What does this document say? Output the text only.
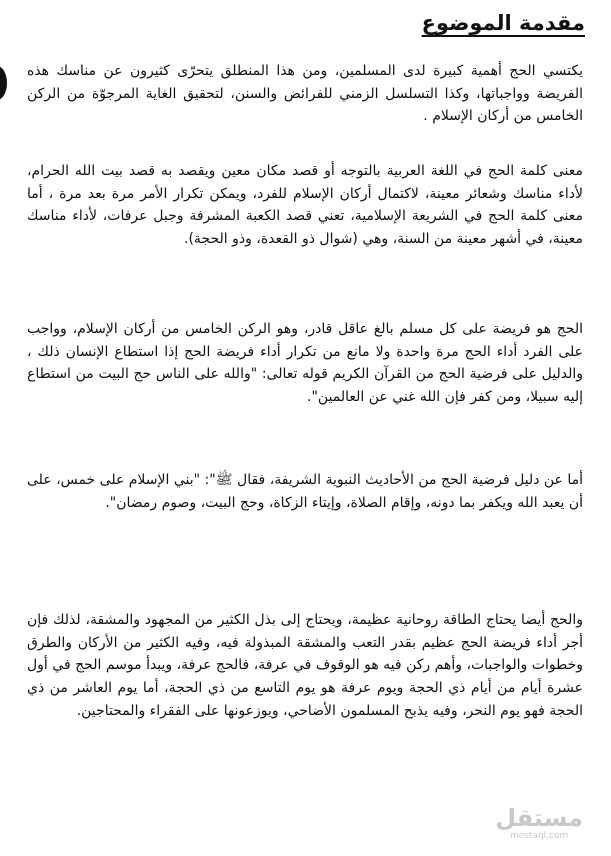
مقدمة الموضوع

يكتسي الحج أهمية كبيرة لدى المسلمين، ومن هذا المنطلق يتحرّى كثيرون عن مناسك هذه الفريضة وواجباتها، وكذا التسلسل الزمني للفرائض والسنن، لتحقيق الغاية المرجوّة من الركن الخامس من أركان الإسلام .

معنى كلمة الحج في اللغة العربية بالتوجه أو قصد مكان معين ويقصد به قصد بيت الله الحرام، لأداء مناسك وشعائر معينة، لاكتمال أركان الإسلام للفرد، ويمكن تكرار الأمر مرة بعد مرة ، أما معنى كلمة الحج في الشريعة الإسلامية، تعني قصد الكعبة المشرفة وجبل عرفات، لأداء مناسك معينة، في أشهر معينة من السنة، وهي (شوال ذو القعدة، وذو الحجة).

الحج هو فريضة على كل مسلم بالغ عاقل قادر، وهو الركن الخامس من أركان الإسلام، وواجب على الفرد أداء الحج مرة واحدة ولا مانع من تكرار أداء فريضة الحج إذا استطاع الإنسان ذلك ، والدليل على فرضية الحج من القرآن الكريم قوله تعالى: "والله على الناس حج البيت من استطاع إليه سبيلا، ومن كفر فإن الله غني عن العالمين".

أما عن دليل فرضية الحج من الأحاديث النبوية الشريفة، فقال ﷺ": "بني الإسلام على خمس، على أن يعبد الله ويكفر بما دونه، وإقام الصلاة، وإيتاء الزكاة، وحج البيت، وصوم رمضان".

والحج أيضا يحتاج الطاقة روحانية عظيمة، ويحتاج إلى بذل الكثير من المجهود والمشقة، لذلك فإن أجر أداء فريضة الحج عظيم بقدر التعب والمشقة المبذولة فيه، وفيه الكثير من الأركان والطرق وخطوات والواجبات، وأهم ركن فيه هو الوقوف في عرفة، فالحج عرفة، ويبدأ موسم الحج في أول عشرة أيام من أيام ذي الحجة ويوم عرفة هو يوم التاسع من ذي الحجة، أما يوم العاشر من ذي الحجة فهو يوم النحر، وفيه يذبح المسلمون الأضاحي، ويوزعونها على الفقراء والمحتاجين.

مستقل
mostaql.com
